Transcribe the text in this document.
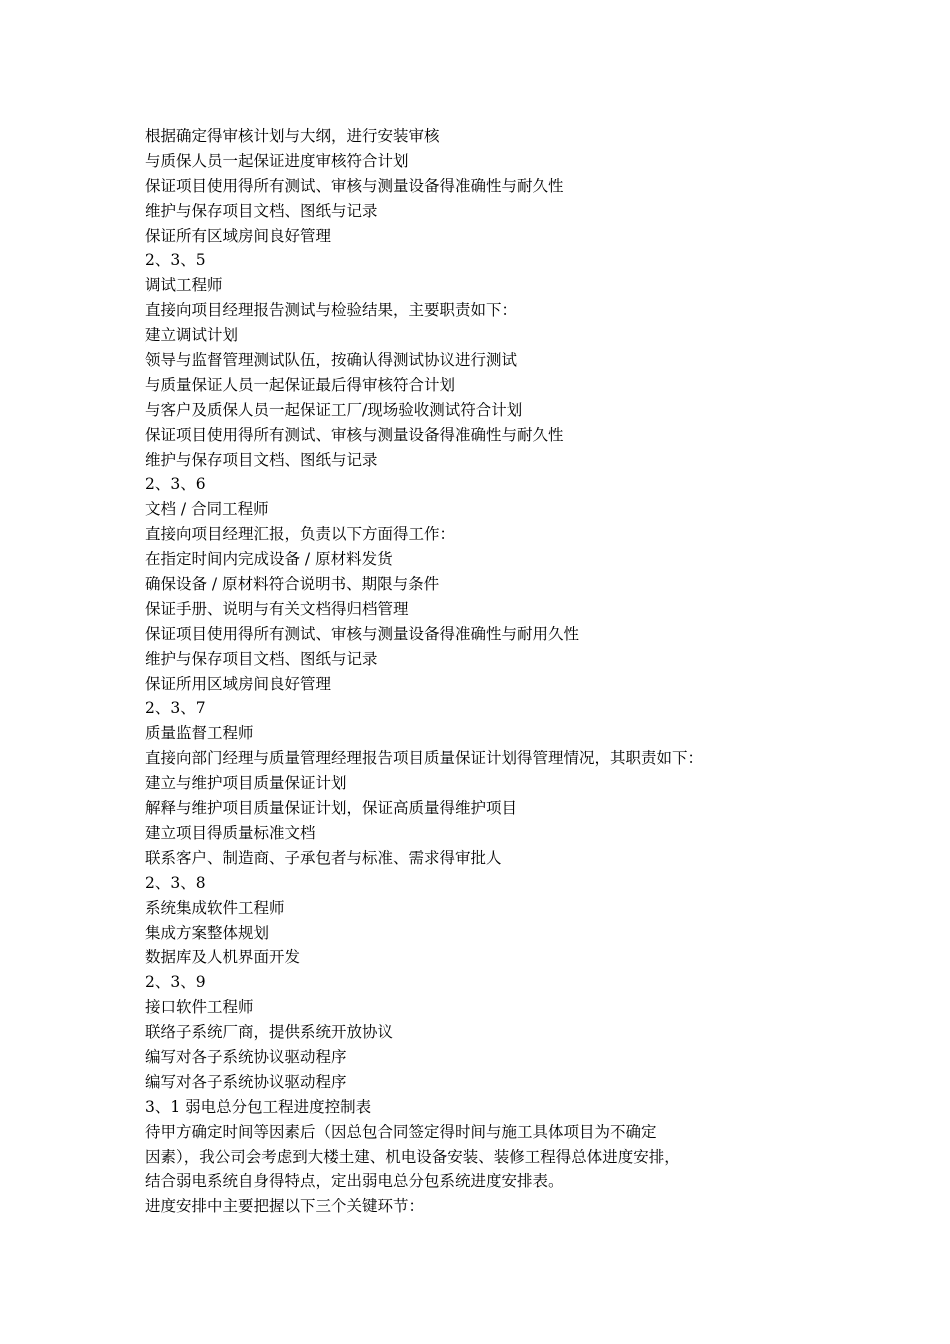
根据确定得审核计划与大纲，进行安装审核
与质保人员一起保证进度审核符合计划
保证项目使用得所有测试、审核与测量设备得准确性与耐久性
维护与保存项目文档、图纸与记录
保证所有区域房间良好管理
2、3、5
调试工程师
直接向项目经理报告测试与检验结果，主要职责如下：
建立调试计划
领导与监督管理测试队伍，按确认得测试协议进行测试
与质量保证人员一起保证最后得审核符合计划
与客户及质保人员一起保证工厂/现场验收测试符合计划
保证项目使用得所有测试、审核与测量设备得准确性与耐久性
维护与保存项目文档、图纸与记录
2、3、6
文档 / 合同工程师
直接向项目经理汇报，负责以下方面得工作：
在指定时间内完成设备 / 原材料发货
确保设备 / 原材料符合说明书、期限与条件
保证手册、说明与有关文档得归档管理
保证项目使用得所有测试、审核与测量设备得准确性与耐用久性
维护与保存项目文档、图纸与记录
保证所用区域房间良好管理
2、3、7
质量监督工程师
直接向部门经理与质量管理经理报告项目质量保证计划得管理情况，其职责如下：
建立与维护项目质量保证计划
解释与维护项目质量保证计划，保证高质量得维护项目
建立项目得质量标准文档
联系客户、制造商、子承包者与标准、需求得审批人
2、3、8
系统集成软件工程师
集成方案整体规划
数据库及人机界面开发
2、3、9
接口软件工程师
联络子系统厂商，提供系统开放协议
编写对各子系统协议驱动程序
编写对各子系统协议驱动程序
3、1 弱电总分包工程进度控制表
待甲方确定时间等因素后（因总包合同签定得时间与施工具体项目为不确定
因素），我公司会考虑到大楼土建、机电设备安装、装修工程得总体进度安排，
结合弱电系统自身得特点，定出弱电总分包系统进度安排表。
进度安排中主要把握以下三个关键环节：
